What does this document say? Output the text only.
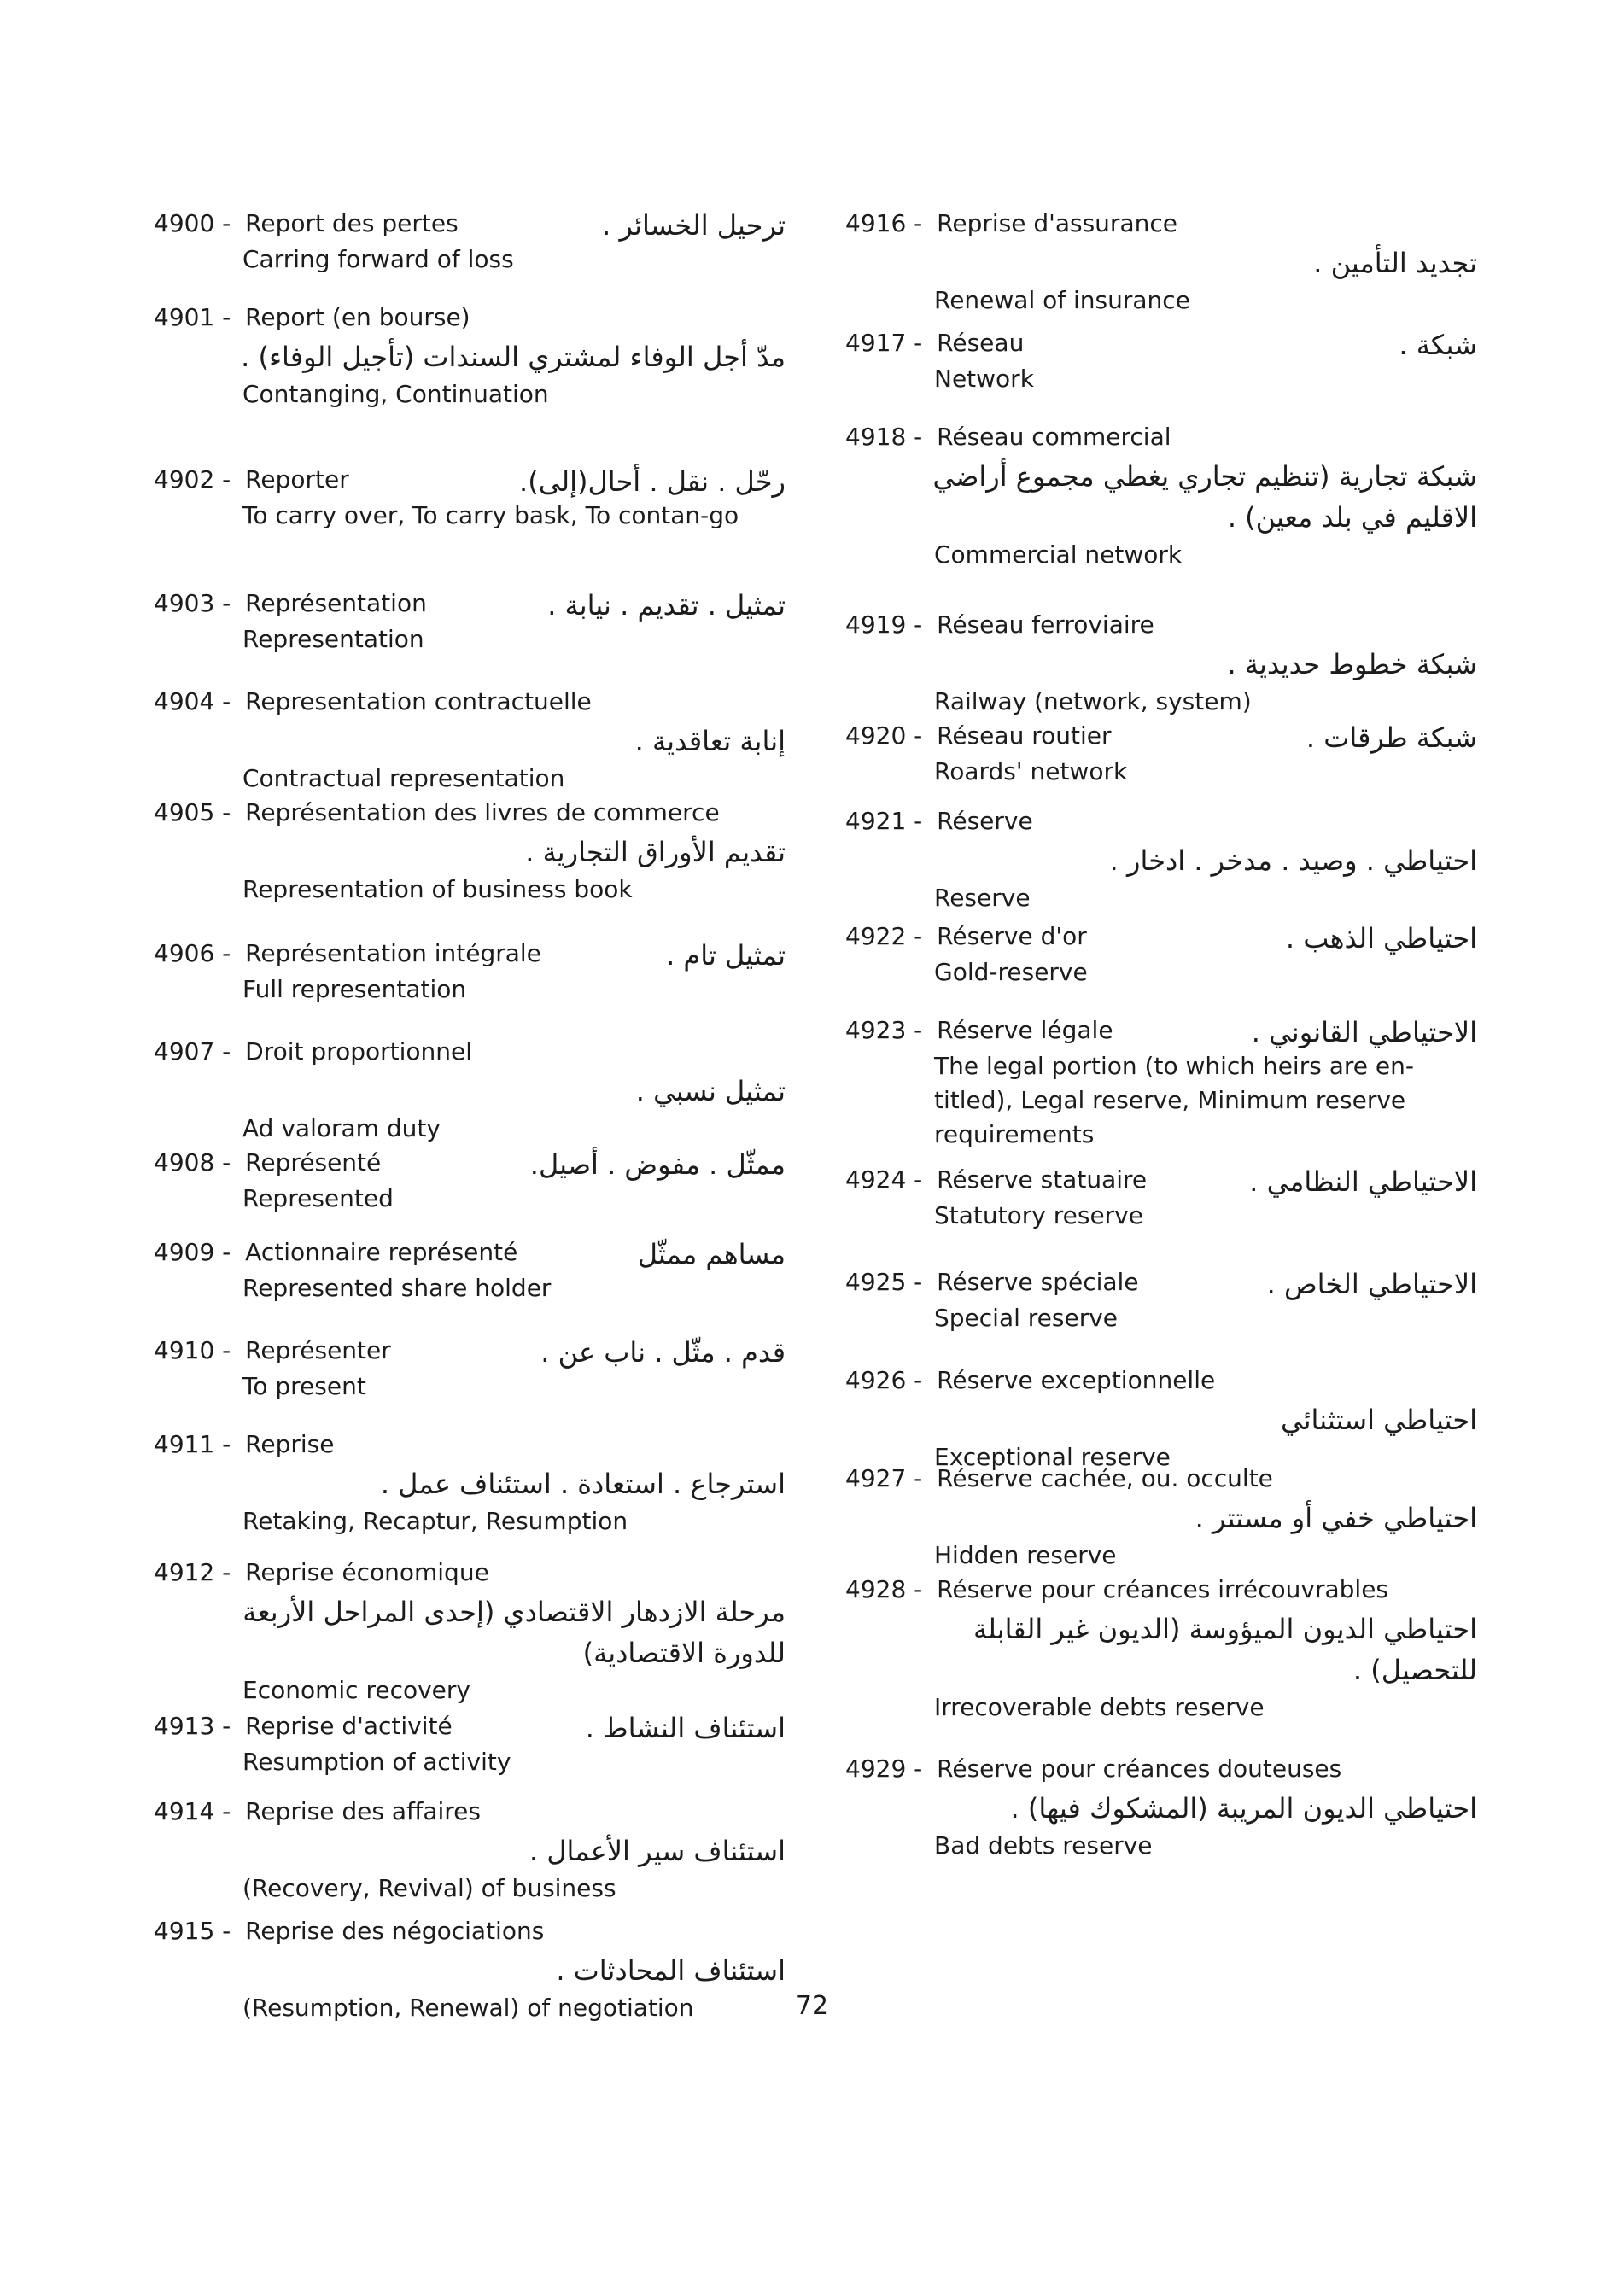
4900 - Report des pertes	ترحيل الخسائر .
Carring forward of loss
4901 - Report (en bourse)
مدّ أجل الوفاء لمشتري السندات (تأجيل الوفاء) .
Contanging, Continuation
4902 - Reporter	رحّل . نقل . أحال(إلى).
To carry over, To carry bask, To contan-go
4903 - Représentation	تمثيل . تقديم . نيابة .
Representation
4904 - Representation contractuelle
إنابة تعاقدية .
Contractual representation
4905 - Représentation des livres de commerce
تقديم الأوراق التجارية .
Representation of business book
4906 - Représentation intégrale	تمثيل تام .
Full representation
4907 - Droit proportionnel
تمثيل نسبي .
Ad valoram duty
4908 - Représenté	ممثّل . مفوض . أصيل.
Represented
4909 - Actionnaire représenté	مساهم ممثّل
Represented share holder
4910 - Représenter	قدم . مثّل . ناب عن .
To present
4911 - Reprise
استرجاع . استعادة . استئناف عمل .
Retaking, Recaptur, Resumption
4912 - Reprise économique
مرحلة الازدهار الاقتصادي (إحدى المراحل الأربعة للدورة الاقتصادية)
Economic recovery
4913 - Reprise d'activité	استئناف النشاط .
Resumption of activity
4914 - Reprise des affaires
استئناف سير الأعمال .
(Recovery, Revival) of business
4915 - Reprise des négociations
استئناف المحادثات .
(Resumption, Renewal) of negotiation
4916 - Reprise d'assurance
تجديد التأمين .
Renewal of insurance
4917 - Réseau	شبكة .
Network
4918 - Réseau commercial
شبكة تجارية (تنظيم تجاري يغطي مجموع أراضي الاقليم في بلد معين) .
Commercial network
4919 - Réseau ferroviaire
شبكة خطوط حديدية .
Railway (network, system)
4920 - Réseau routier	شبكة طرقات .
Roards' network
4921 - Réserve
احتياطي . وصيد . مدخر . ادخار .
Reserve
4922 - Réserve d'or	احتياطي الذهب .
Gold-reserve
4923 - Réserve légale	الاحتياطي القانوني .
The legal portion (to which heirs are en-titled), Legal reserve, Minimum reserve requirements
4924 - Réserve statuaire	الاحتياطي النظامي .
Statutory reserve
4925 - Réserve spéciale	الاحتياطي الخاص .
Special reserve
4926 - Réserve exceptionnelle
احتياطي استثنائي
Exceptional reserve
4927 - Réserve cachée, ou. occulte
احتياطي خفي أو مستتر .
Hidden reserve
4928 - Réserve pour créances irrécouvrables
احتياطي الديون الميؤوسة (الديون غير القابلة للتحصيل) .
Irrecoverable debts reserve
4929 - Réserve pour créances douteuses
احتياطي الديون المريبة (المشكوك فيها) .
Bad debts reserve
72
